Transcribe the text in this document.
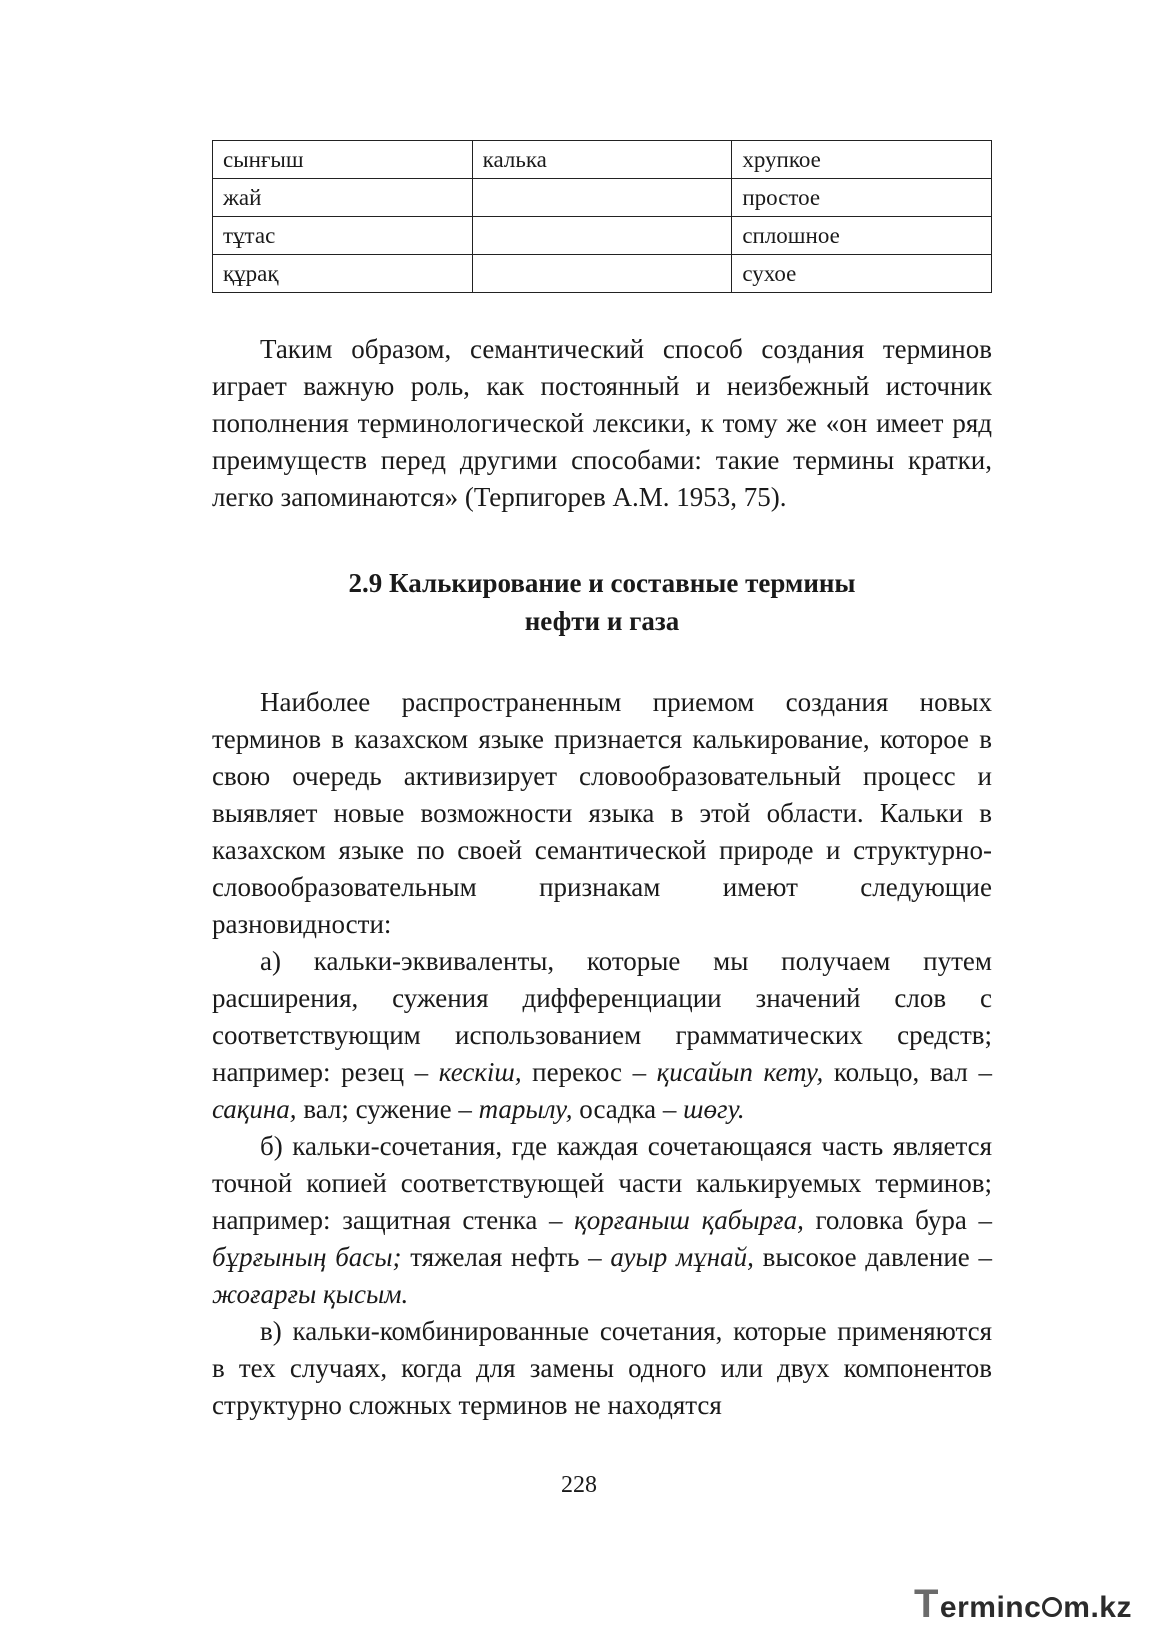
сынғыш	калька	хрупкое
жай		простое
тұтас		сплошное
құрақ		сухое

Таким образом, семантический способ создания терминов играет важную роль, как постоянный и неизбежный источник пополнения терминологической лексики, к тому же «он имеет ряд преимуществ перед другими способами: такие термины кратки, легко запоминаются» (Терпигорев А.М. 1953, 75).

2.9 Калькирование и составные термины
нефти и газа

Наиболее распространенным приемом создания новых терминов в казахском языке признается калькирование, которое в свою очередь активизирует словообразовательный процесс и выявляет новые возможности языка в этой области. Кальки в казахском языке по своей семантической природе и структурно-словообразовательным признакам имеют следующие разновидности:

а) кальки-эквиваленты, которые мы получаем путем расширения, сужения дифференциации значений слов с соответствующим использованием грамматических средств; например: резец – кескіш, перекос – қисайып кету, кольцо, вал – сақина, вал; сужение – тарылу, осадка – шөгу.

б) кальки-сочетания, где каждая сочетающаяся часть является точной копией соответствующей части калькируемых терминов; например: защитная стенка – қорғаныш қабырға, головка бура – бұрғының басы; тяжелая нефть – ауыр мұнай, высокое давление – жоғарғы қысым.

в) кальки-комбинированные сочетания, которые применяются в тех случаях, когда для замены одного или двух компонентов структурно сложных терминов не находятся

228
T erminc m.kz
